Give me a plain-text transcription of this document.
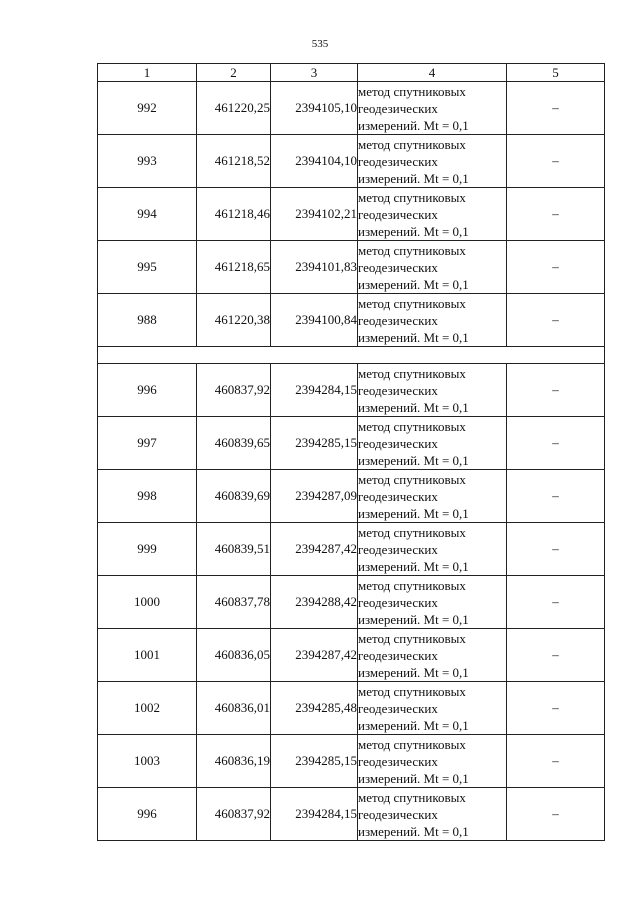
535
1	2	3	4	5
992	461220,25	2394105,10	метод спутниковых
геодезических
измерений. Mt = 0,1	–
993	461218,52	2394104,10	метод спутниковых
геодезических
измерений. Mt = 0,1	–
994	461218,46	2394102,21	метод спутниковых
геодезических
измерений. Mt = 0,1	–
995	461218,65	2394101,83	метод спутниковых
геодезических
измерений. Mt = 0,1	–
988	461220,38	2394100,84	метод спутниковых
геодезических
измерений. Mt = 0,1	–

996	460837,92	2394284,15	метод спутниковых
геодезических
измерений. Mt = 0,1	–
997	460839,65	2394285,15	метод спутниковых
геодезических
измерений. Mt = 0,1	–
998	460839,69	2394287,09	метод спутниковых
геодезических
измерений. Mt = 0,1	–
999	460839,51	2394287,42	метод спутниковых
геодезических
измерений. Mt = 0,1	–
1000	460837,78	2394288,42	метод спутниковых
геодезических
измерений. Mt = 0,1	–
1001	460836,05	2394287,42	метод спутниковых
геодезических
измерений. Mt = 0,1	–
1002	460836,01	2394285,48	метод спутниковых
геодезических
измерений. Mt = 0,1	–
1003	460836,19	2394285,15	метод спутниковых
геодезических
измерений. Mt = 0,1	–
996	460837,92	2394284,15	метод спутниковых
геодезических
измерений. Mt = 0,1	–
